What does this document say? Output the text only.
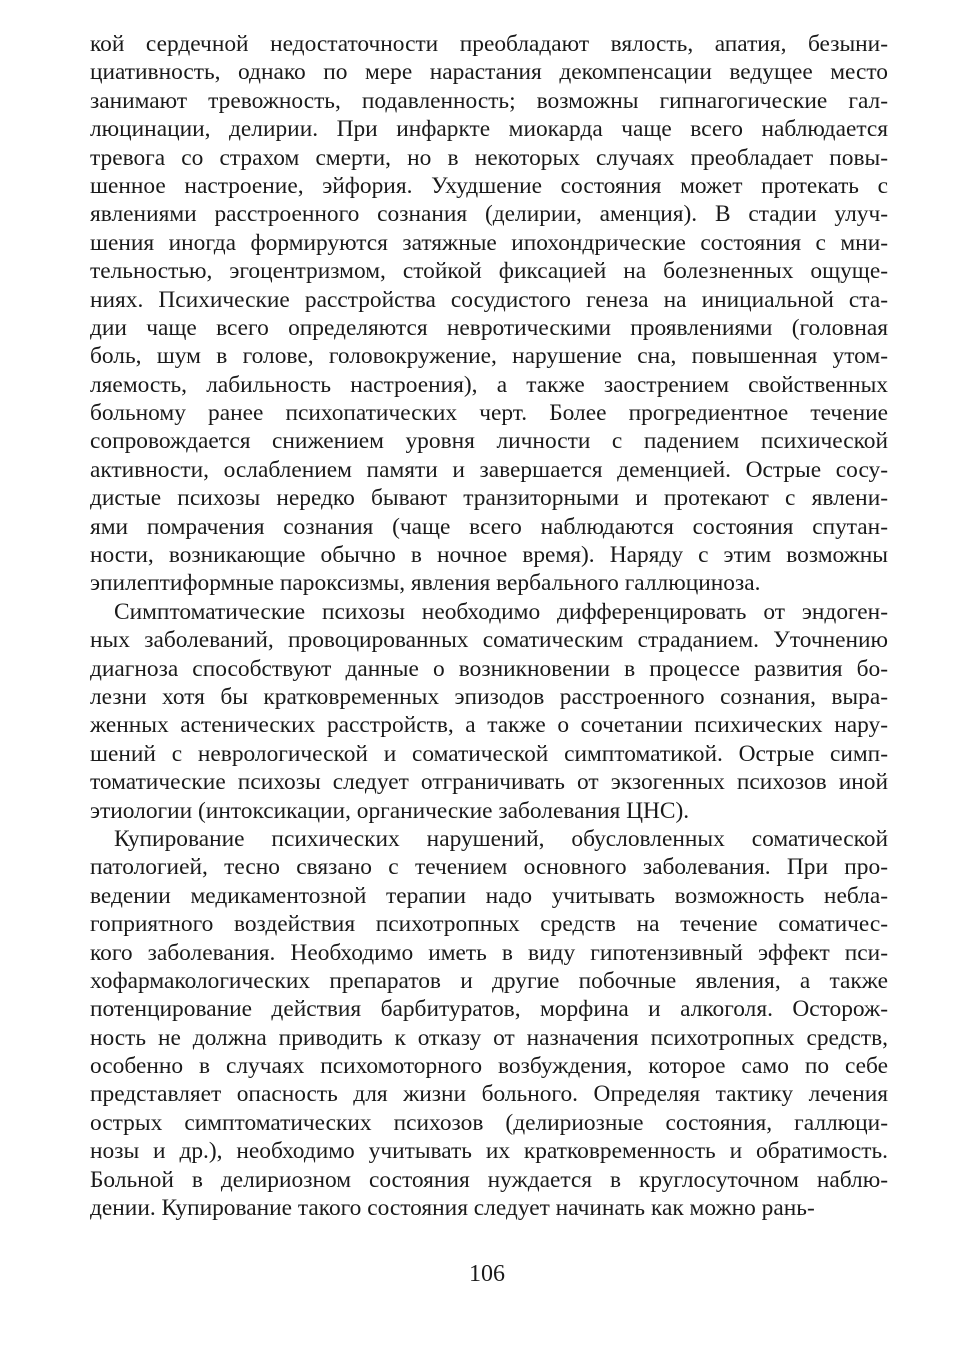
кой сердечной недостаточности преобладают вялость, апатия, безыни-
циативность, однако по мере нарастания декомпенсации ведущее место
занимают тревожность, подавленность; возможны гипнагогические гал-
люцинации, делирии. При инфаркте миокарда чаще всего наблюдается
тревога со страхом смерти, но в некоторых случаях преобладает повы-
шенное настроение, эйфория. Ухудшение состояния может протекать с
явлениями расстроенного сознания (делирии, аменция). В стадии улуч-
шения иногда формируются затяжные ипохондрические состояния с мни-
тельностью, эгоцентризмом, стойкой фиксацией на болезненных ощуще-
ниях. Психические расстройства сосудистого генеза на инициальной ста-
дии чаще всего определяются невротическими проявлениями (головная
боль, шум в голове, головокружение, нарушение сна, повышенная утом-
ляемость, лабильность настроения), а также заострением свойственных
больному ранее психопатических черт. Более прогредиентное течение
сопровождается снижением уровня личности с падением психической
активности, ослаблением памяти и завершается деменцией. Острые сосу-
дистые психозы нередко бывают транзиторными и протекают с явлени-
ями помрачения сознания (чаще всего наблюдаются состояния спутан-
ности, возникающие обычно в ночное время). Наряду с этим возможны
эпилептиформные пароксизмы, явления вербального галлюциноза.
Симптоматические психозы необходимо дифференцировать от эндоген-
ных заболеваний, провоцированных соматическим страданием. Уточнению
диагноза способствуют данные о возникновении в процессе развития бо-
лезни хотя бы кратковременных эпизодов расстроенного сознания, выра-
женных астенических расстройств, а также о сочетании психических нару-
шений с неврологической и соматической симптоматикой. Острые симп-
томатические психозы следует отграничивать от экзогенных психозов иной
этиологии (интоксикации, органические заболевания ЦНС).
Купирование психических нарушений, обусловленных соматической
патологией, тесно связано с течением основного заболевания. При про-
ведении медикаментозной терапии надо учитывать возможность небла-
гоприятного воздействия психотропных средств на течение соматичес-
кого заболевания. Необходимо иметь в виду гипотензивный эффект пси-
хофармакологических препаратов и другие побочные явления, а также
потенцирование действия барбитуратов, морфина и алкоголя. Осторож-
ность не должна приводить к отказу от назначения психотропных средств,
особенно в случаях психомоторного возбуждения, которое само по себе
представляет опасность для жизни больного. Определяя тактику лечения
острых симптоматических психозов (делириозные состояния, галлюци-
нозы и др.), необходимо учитывать их кратковременность и обратимость.
Больной в делириозном состояния нуждается в круглосуточном наблю-
дении. Купирование такого состояния следует начинать как можно рань-
106
